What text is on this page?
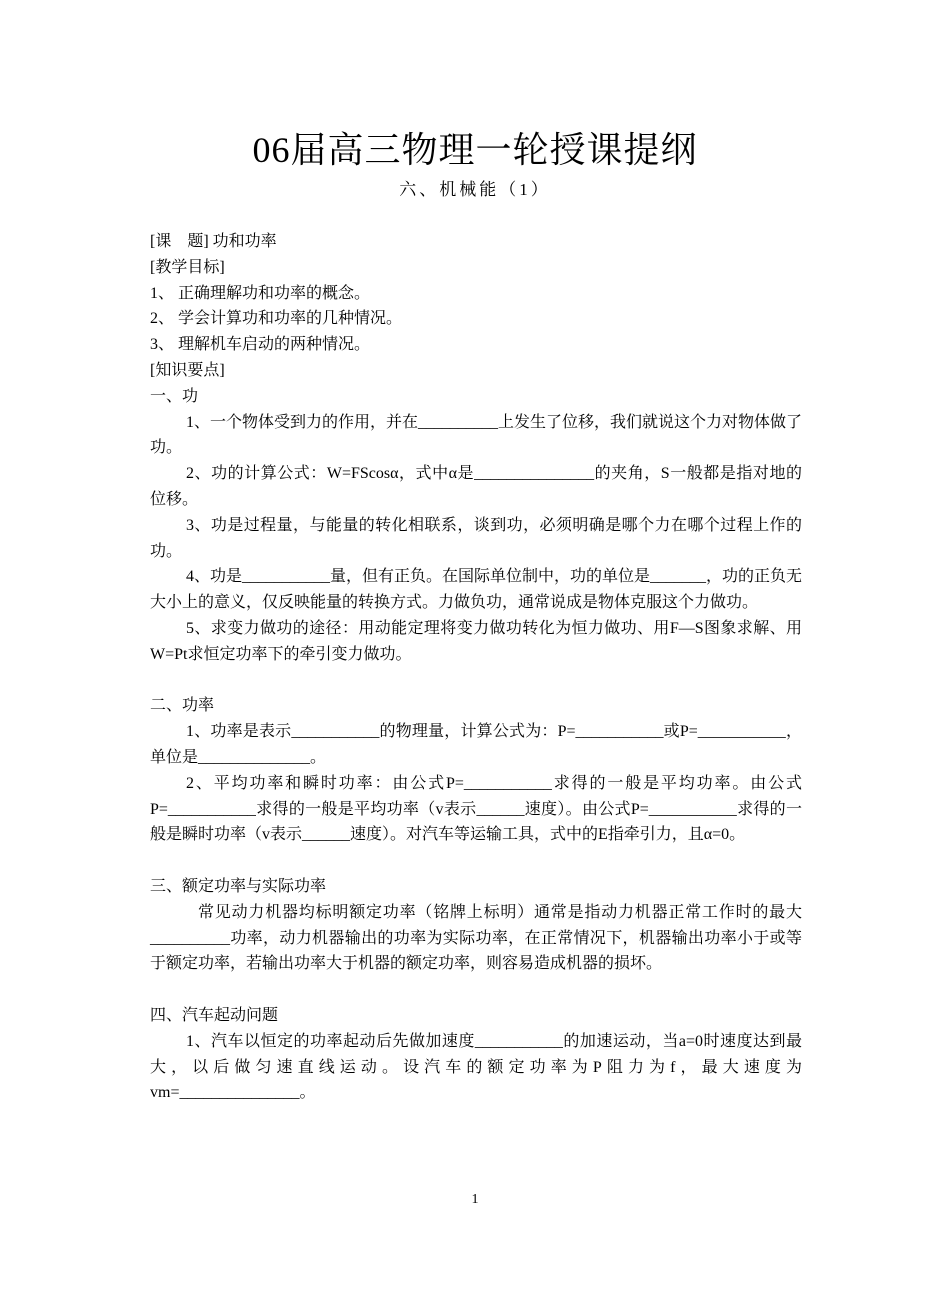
06届高三物理一轮授课提纲
六、机械能（1）

[课　题] 功和功率

[教学目标]

1、 正确理解功和功率的概念。

2、 学会计算功和功率的几种情况。

3、 理解机车启动的两种情况。

[知识要点]

一、功

1、一个物体受到力的作用，并在__________上发生了位移，我们就说这个力对物体做了功。

2、功的计算公式：W=FScosα，式中α是_______________的夹角，S一般都是指对地的位移。

3、功是过程量，与能量的转化相联系，谈到功，必须明确是哪个力在哪个过程上作的功。

4、功是___________量，但有正负。在国际单位制中，功的单位是_______，功的正负无大小上的意义，仅反映能量的转换方式。力做负功，通常说成是物体克服这个力做功。

5、求变力做功的途径：用动能定理将变力做功转化为恒力做功、用F—S图象求解、用W=Pt求恒定功率下的牵引变力做功。

二、功率

1、功率是表示___________的物理量，计算公式为：P=___________或P=___________，单位是______________。

2、平均功率和瞬时功率：由公式P=___________求得的一般是平均功率。由公式P=___________求得的一般是平均功率（v表示______速度）。由公式P=___________求得的一般是瞬时功率（v表示______速度）。对汽车等运输工具，式中的E指牵引力，且α=0。

三、额定功率与实际功率

常见动力机器均标明额定功率（铭牌上标明）通常是指动力机器正常工作时的最大__________功率，动力机器输出的功率为实际功率，在正常情况下，机器输出功率小于或等于额定功率，若输出功率大于机器的额定功率，则容易造成机器的损坏。

四、汽车起动问题

1、汽车以恒定的功率起动后先做加速度___________的加速运动，当a=0时速度达到最大，以后做匀速直线运动。设汽车的额定功率为P阻力为f，最大速度为vm=_______________。

1
